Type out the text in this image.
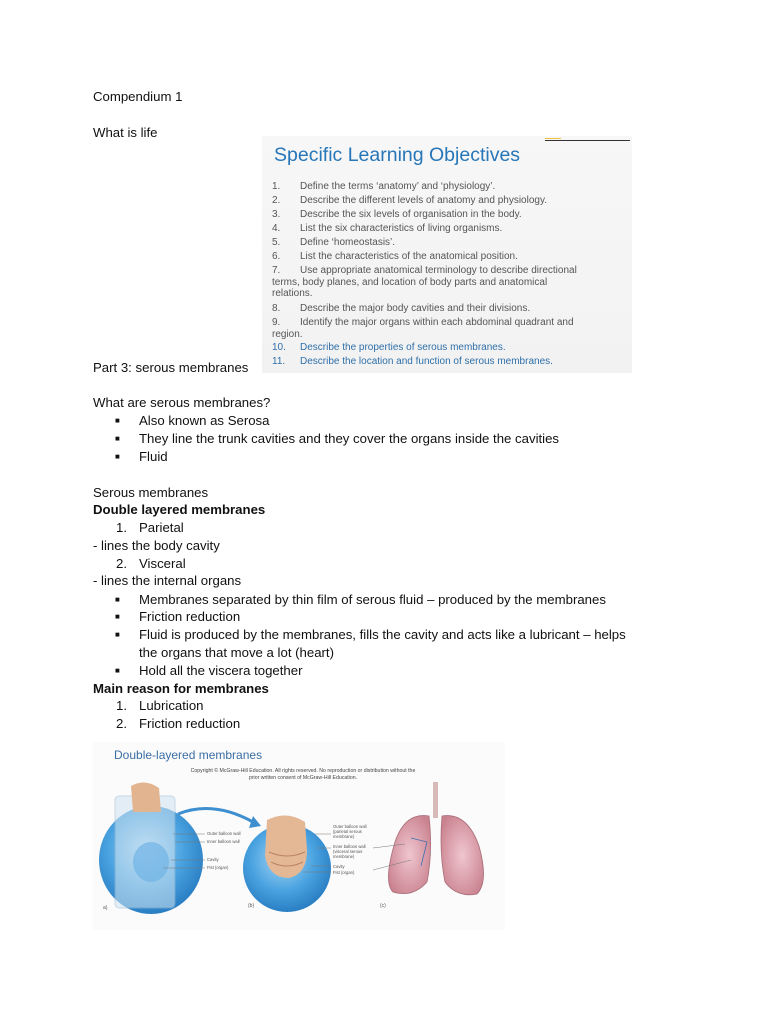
Compendium 1
What is life
Specific Learning Objectives
1. Define the terms ‘anatomy’ and ‘physiology’.
2. Describe the different levels of anatomy and physiology.
3. Describe the six levels of organisation in the body.
4. List the six characteristics of living organisms.
5. Define ‘homeostasis’.
6. List the characteristics of the anatomical position.
7. Use appropriate anatomical terminology to describe directional
terms, body planes, and location of body parts and anatomical
relations.
8. Describe the major body cavities and their divisions.
9. Identify the major organs within each abdominal quadrant and
region.
10. Describe the properties of serous membranes.
11. Describe the location and function of serous membranes.
Part 3: serous membranes
What are serous membranes?
■ Also known as Serosa
■ They line the trunk cavities and they cover the organs inside the cavities
■ Fluid
Serous membranes
Double layered membranes
1. Parietal
- lines the body cavity
2. Visceral
- lines the internal organs
■ Membranes separated by thin film of serous fluid – produced by the membranes
■ Friction reduction
■ Fluid is produced by the membranes, fills the cavity and acts like a lubricant – helps
the organs that move a lot (heart)
■ Hold all the viscera together
Main reason for membranes
1. Lubrication
2. Friction reduction
Double-layered membranes
Copyright © McGraw-Hill Education. All rights reserved. No reproduction or distribution without the prior written consent of McGraw-Hill Education.
Outer balloon wall
Inner balloon wall
Cavity
Fist (organ)
Outer balloon wall
(parietal serous
membrane)
Inner balloon wall
(visceral serous
membrane)
Cavity
Fist (organ)
a)	(b)	(c)
